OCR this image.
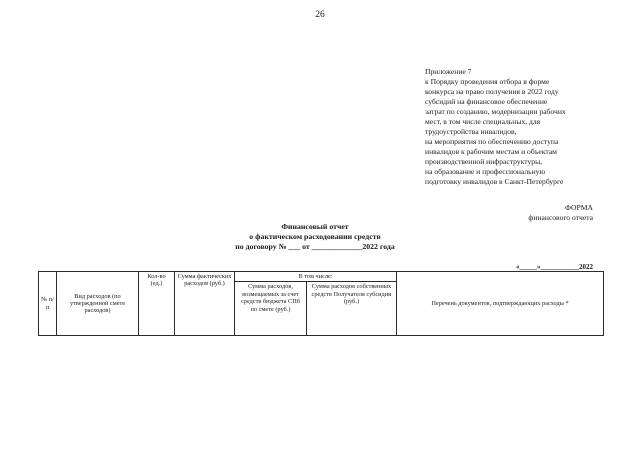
26
Приложение 7
к Порядку проведения отбора в форме
конкурса на право получения в 2022 году
субсидий на финансовое обеспечение
затрат по созданию, модернизации рабочих
мест, в том числе специальных, для
трудоустройства инвалидов,
на мероприятия по обеспечению доступа
инвалидов к рабочим местам и объектам
производственной инфраструктуры,
на образование и профессиональную
подготовку инвалидов в Санкт-Петербурге
ФОРМА
финансового отчета
Финансовый отчет
о фактическом расходовании средств
по договору № ___ от _____________2022 года
«_____»___________2022
№ п/п	Вид расходов (по утвержденной смете расходов)	Кол-во (ед.)	Сумма фактических расходов (руб.)	В том числе:		Перечень документов, подтверждающих расходы *
				Сумма расходов, возмещаемых за счет средств бюджета СПб по смете (руб.)	Сумма расходов собственных средств Получателя субсидии (руб.)	
